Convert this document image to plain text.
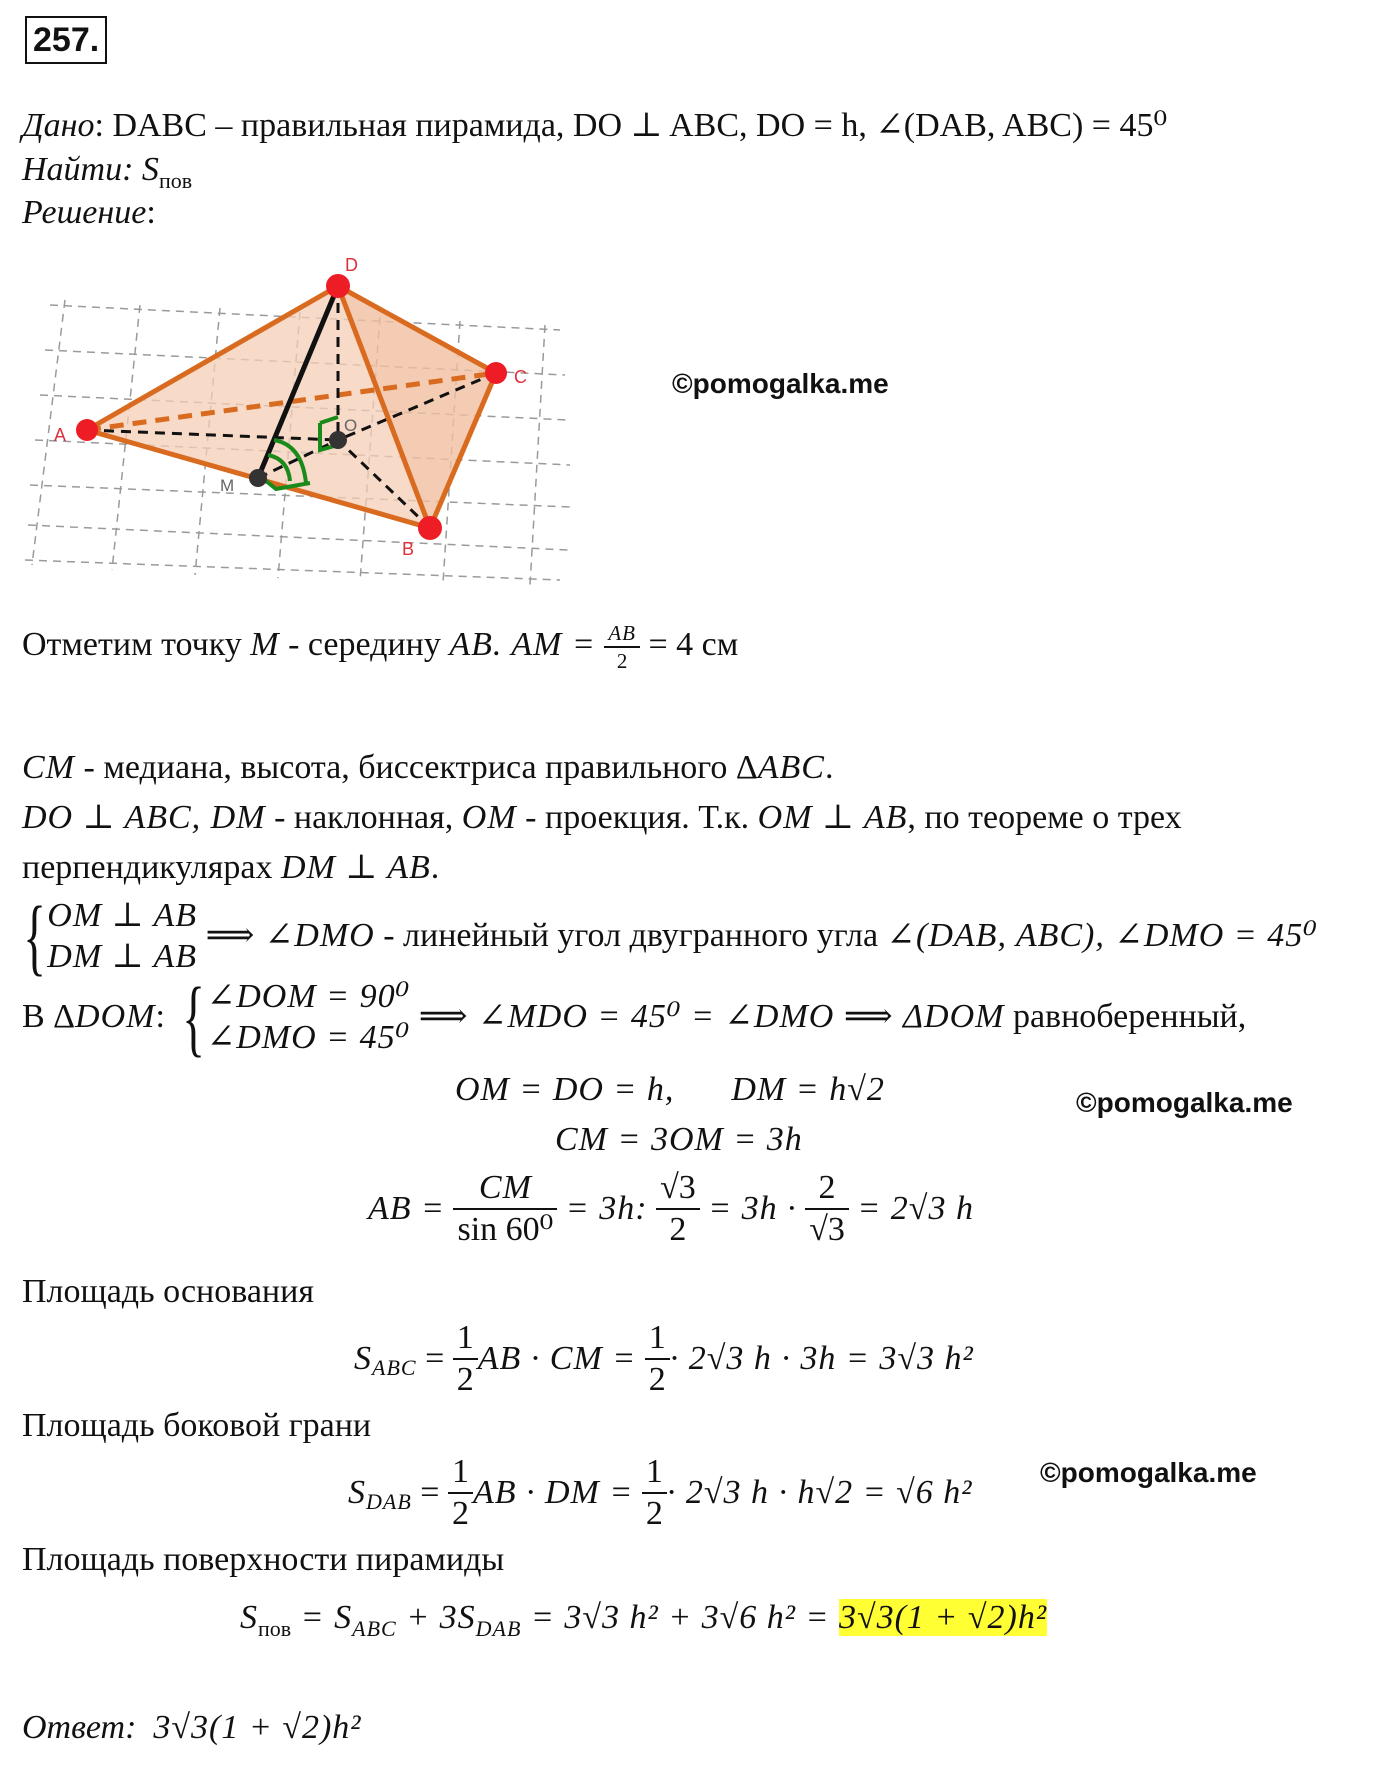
257.
Дано: DABC – правильная пирамида, DO ⊥ ABC, DO = h, ∠(DAB, ABC) = 45⁰
Найти: $S_{пов}$
Решение:
A
D
C
B
O
M
©pomogalka.me
Отметим точку M - середину AB. AM = $\frac{AB}{2} = 4$ см
CM - медиана, высота, биссектриса правильного ΔABC.
DO ⊥ ABC, DM - наклонная, OM - проекция. Т.к. OM ⊥ AB, по теореме о трех
перпендикулярах DM ⊥ AB.
{ OM ⊥ AB
DM ⊥ AB
⟹ ∠DMO - линейный угол двугранного угла ∠(DAB, ABC), ∠DMO = 45⁰
В ΔDOM: { ∠DOM = 90⁰
∠DMO = 45⁰
⟹ ∠MDO = 45⁰ = ∠DMO ⟹ ΔDOM равноберенный,
OM = DO = h,      DM = h√2	©pomogalka.me
CM = 3OM = 3h
AB = $\frac{CM}{\text{sin 60⁰}} = 3h$: $\frac{√3}{2} = 3h \cdot \frac{2}{√3} = 2√3$ h
Площадь основания
$S_{ABC} = \frac{1}{2}$ AB · CM = $\frac{1}{2} \cdot 2√3$ h · 3h = 3√3 h²
Площадь боковой грани
$S_{DAB} = \frac{1}{2}$ AB · DM = $\frac{1}{2} \cdot 2√3$ h · h√2 = √6 h²
©pomogalka.me
Площадь поверхности пирамиды
$S_{пов} = S_{ABC} + 3S_{DAB} = 3√3$ h² + 3√6 h² = 3√3(1 + √2)h²
Ответ: 3√3(1 + √2)h²
